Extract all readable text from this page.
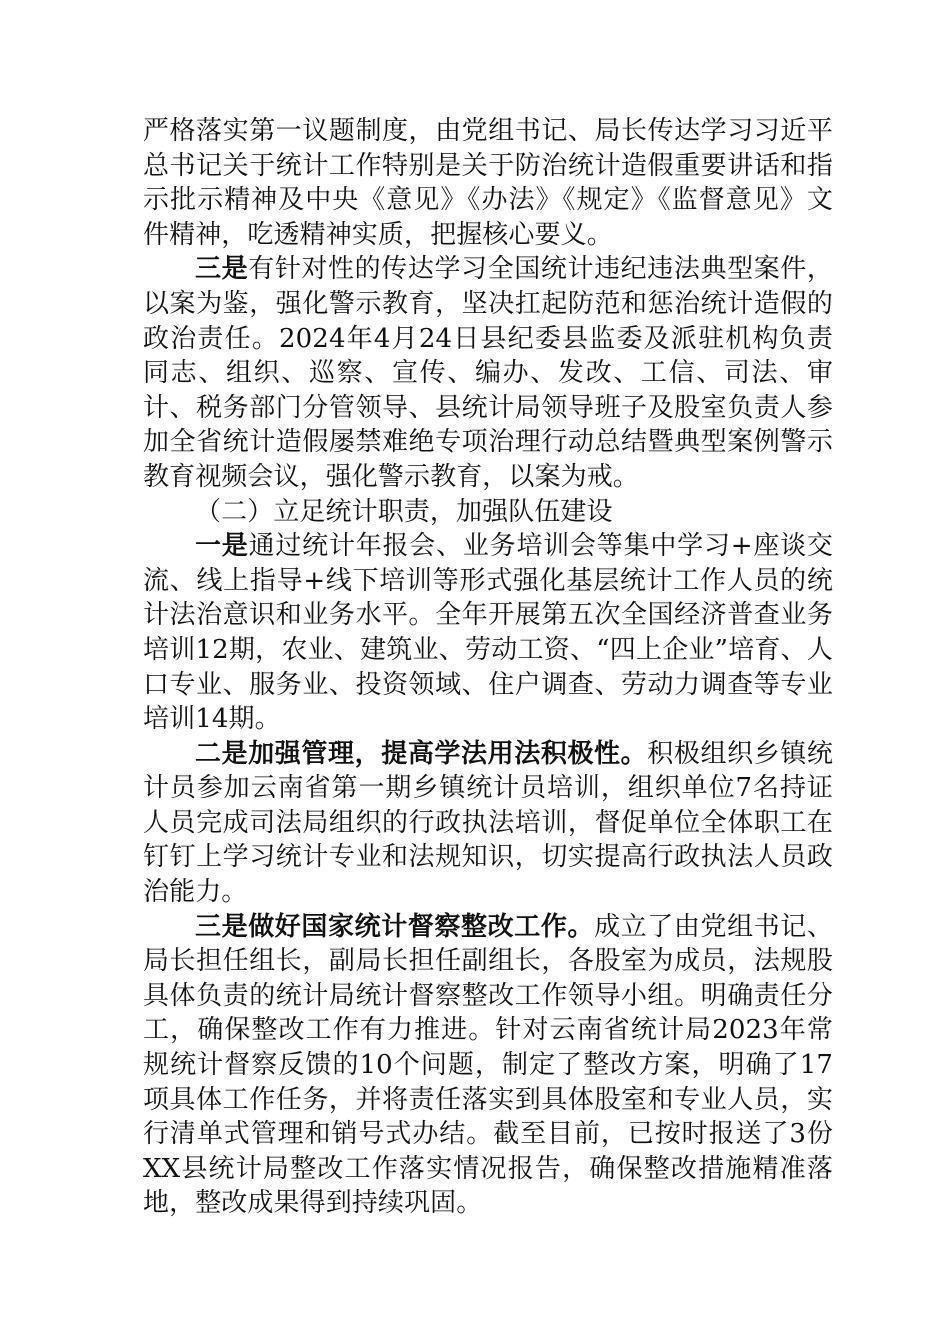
严格落实第一议题制度，由党组书记、局长传达学习习近平总书记关于统计工作特别是关于防治统计造假重要讲话和指示批示精神及中央《意见》《办法》《规定》《监督意见》文件精神，吃透精神实质，把握核心要义。

三是有针对性的传达学习全国统计违纪违法典型案件，以案为鉴，强化警示教育，坚决扛起防范和惩治统计造假的政治责任。2024年4月24日县纪委县监委及派驻机构负责同志、组织、巡察、宣传、编办、发改、工信、司法、审计、税务部门分管领导、县统计局领导班子及股室负责人参加全省统计造假屡禁难绝专项治理行动总结暨典型案例警示教育视频会议，强化警示教育，以案为戒。

（二）立足统计职责，加强队伍建设

一是通过统计年报会、业务培训会等集中学习+座谈交流、线上指导+线下培训等形式强化基层统计工作人员的统计法治意识和业务水平。全年开展第五次全国经济普查业务培训12期，农业、建筑业、劳动工资、“四上企业”培育、人口专业、服务业、投资领域、住户调查、劳动力调查等专业培训14期。

二是加强管理，提高学法用法积极性。积极组织乡镇统计员参加云南省第一期乡镇统计员培训，组织单位7名持证人员完成司法局组织的行政执法培训，督促单位全体职工在钉钉上学习统计专业和法规知识，切实提高行政执法人员政治能力。

三是做好国家统计督察整改工作。成立了由党组书记、局长担任组长，副局长担任副组长，各股室为成员，法规股具体负责的统计局统计督察整改工作领导小组。明确责任分工，确保整改工作有力推进。针对云南省统计局2023年常规统计督察反馈的10个问题，制定了整改方案，明确了17项具体工作任务，并将责任落实到具体股室和专业人员，实行清单式管理和销号式办结。截至目前，已按时报送了3份XX县统计局整改工作落实情况报告，确保整改措施精准落地，整改成果得到持续巩固。
